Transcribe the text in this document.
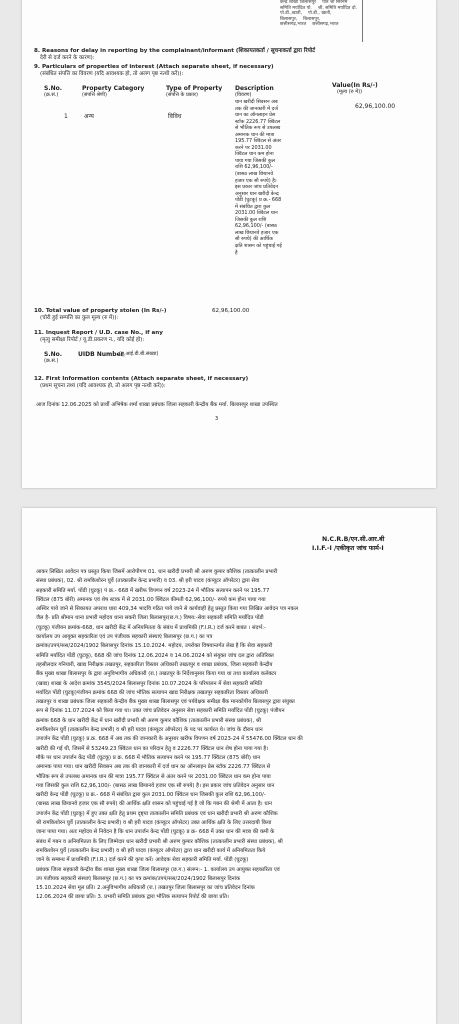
केन्द्र शाखा जिलासपुर पति श्री सिरनेम
समिति मर्यादित पो. श्री, समिति मर्यादित दो.
पो.डी.,खाती, पो.डी., खाती,
बिलासपुर, बिलासपुर,
छत्तीसगढ़,भारत छत्तीसगढ़,भारत
8. Reasons for delay in reporting by the complainant/informant (शिकायतकर्ता / सूचनाकर्ता द्वारा रिपोर्ट
देरी से दर्ज करने के कारण):
9. Particulars of properties of interest (Attach separate sheet, if necessary)
(संबंधित संपत्ति का विवरण (यदि आवश्यक हो, तो अलग पृष्ठ नत्थी करें)):
S.No.
(क्र.सं.)
Property Category
(संपत्ति श्रेणी)
Type of Property
(संपत्ति के प्रकार)
Description
(विवरण)
Value(In Rs/-)
(मूल्य (रु में))
1	अन्य	विविध
62,96,100.00
धान खरीदी सिवसन अब
तक की जानकारी में दर्ज
धान का ऑनलाइन प्रेस
स्टॉक 2226.77 क्विंटल
से भौतिक रूप से उपलब्ध
अमानक धान की मात्रा
195.77 क्विंटल से अंतर
करने पर 2031.00
क्विंटल धान कम होना
पाया गया जिसकी कुल
राशि 62,96,100/-
(बासठ लाख छियानवे
हजार एक सौ रुपये) है।
इस प्रकार जांच प्रतिवेदन
अनुसार धान खरीदी केन्द्र
पोंडी (घुटकू) प्र क्र.- 668
में संबंधित द्वारा कुल
2031.00 क्विंटल धान
जिसकी कुल राशि
62,96,100/- (बासठ
लाख छियानवे हजार एक
सौ रुपये) की आर्थिक
क्षति शासन को पहुंचाई गई
है
10. Total value of property stolen (In Rs/-)
(चोरी हुई सम्पत्ति का कुल मूल्य (रु में)):
62,96,100.00
11. Inquest Report / U.D. case No., if any
(मृत्यु समीक्षा रिपोर्ट / यू.डी.प्रकरण न., यदि कोई हो):
S.No.
(क्र.सं.)
UIDB Number
(यू.आई.डी.बी.संख्या)
12. First Information contents (Attach separate sheet, if necessary)
(प्रथम सूचना तथ्य (यदि आवश्यक हो, तो अलग पृष्ठ नत्थी करें)):
आज दिनांक 12.06.2025 को प्रार्थी अभिषेक शर्मा शाखा प्रबंधक जिला सहकारी केन्द्रीय बैंक मर्या. बिलासपुर शाखा उपस्थित
3
N.C.R.B/एन.सी.आर.बी
I.I.F.-I /एकीकृत जांच फार्म-I
आकर लिखित आवेदन पत्र प्रस्तुत किया जिसमें आरोपीगण 01. धान खरीदी प्रभारी श्री अरुण कुमार कौशिक (तात्कालीन प्रभारी
संस्था प्रबंधक), 02. श्री रामकिशोरन घुर्वे (तात्कालीन केन्द्र प्रभारी) व 03. श्री हरी यादव (कंप्यूटर ऑपरेटर) द्वारा सेवा
सहकारी समिति मर्या. पोंडी (घुटकू) पं क्र.- 668 में खरीफ विपणन वर्ष 2023-24 में भौतिक सत्यापन करने पर 195.77
क्विंटल (875 बोरी) अमानक एवं शेष स्टाक में से 2031.00 क्विंटल कीमती 62,96,100/- रुपये कम होना पाया गया
अस्थिर पाये जाने से सिकायत अपराध धारा 409,34 भादवि गठित पाये जाने से कार्यवाही हेतु प्रस्तुत किया गया लिखित आवेदन पत्र नकल
जैल है- प्रति श्रीमान थाना प्रभारी महोदय थाना सकरी जिला बिलासपुर(छ.ग.) विषय:-सेवा सहकारी समिति मर्यादित पोंडी
(घुटकू) पंजीयन क्रमांक-668, धान खरीदी केंद्र में अनियमितता के संबंध में प्राथमिकी (F.I.R.) दर्ज करने बाबत । संदर्भ:-
कार्यालय उप आयुक्त सहकारिता एवं उप पंजीयक सहकारी संस्थाएं बिलासपुर (छ.ग.) का पत्र
क्रमांक/उपपं/सस/2024/1902 बिलासपुर दिनांक 15.10.2024. महोदय, उपरोक्त विषयान्तर्गत लेख है कि सेवा सहकारी
समिति मर्यादित पोंडी (घुटकू), 668 की जांच दिनांक 12.06.2024 व 14.06.2024 को संयुक्त जांच दल द्वारा अतिरिक्त
तहसीलदार गनियारी, खाद्य निरीक्षक तखतपुर, सहकारिता विस्तार अधिकारी तखतपुर व शाखा प्रबंधक, जिला सहकारी केन्द्रीय
बैंक मुख्य शाखा बिलासपुर के द्वारा अनुविभागीय अधिकारी (रा.) तखतपुर के निर्देशानुसार किया गया था तथा कार्यालय कलेक्टर
(खाद्य) शाखा के आदेश क्रमांक 3545/2024 बिलासपुर दिनांक 10.07.2024 के परिपालन में सेवा सहकारी समिति
मर्यादित पोंडी (घुटकू)पंजीयन क्रमांक 668 की जांच भौतिक सत्यापन खाद्य निरीक्षक तखतपुर सहकारिता विस्तार अधिकारी
तखतपुर व शाखा प्रबंधक जिला सहकारी केन्द्रीय बैंक मुख्य शाखा बिलासपुर एवं पर्यवेक्षक समीक्षा बैंक मानकोपीय बिलासपुर द्वारा संयुक्त
रूप से दिनांक 11.07.2024 को किया गया था। उक्त जांच प्रतिवेदन अनुसार सेवा सहकारी समिति मर्यादित पोंडी (घुटकू) पंजीयन
क्रमांक 668 के धान खरीदी केंद्र में धान खरीदी प्रभारी श्री अरुण कुमार कौशिक (तात्कालीन प्रभारी संस्था प्रबंधक), श्री
रामकिशोरन घुर्वे (तात्कालीन केन्द्र प्रभारी) व श्री हरी यादव (कंप्यूटर ऑपरेटर) के पद पर कार्यरत थे। जांच के दौरान धान
उपार्जन केंद्र पोंडी (घुटकू) प्र.क्र. 668 में अब तक की जानकारी के अनुसार खरीफ विपणन वर्ष 2023-24 में 55476.00 क्विंटल धान की
खरीदी की गई थी, जिसमें से 53249.23 क्विंटल धान का परिदान हेतु व 2226.77 क्विंटल धान शेष होना पाया गया है।
मौके पर धान उपार्जन केंद्र पोंडी (घुटकू) प्र क्र. 668 में भौतिक सत्यापन करने पर 195.77 क्विंटल (875 बोरी) धान
अमानक पाया गया। धान खरीदी सिवसन अब तक की जानकारी में दर्ज धान का ऑनलाइन प्रेस स्टॉक 2226.77 क्विंटल से
भौतिक रूप से उपलब्ध अमानक धान की मात्रा 195.77 क्विंटल से अंतर करने पर 2031.00 क्विंटल धान कम होना पाया
गया जिसकी कुल राशि 62,96,100/- (बासठ लाख छियानवे हजार एक सौ रुपये) है। इस प्रकार जांच प्रतिवेदन अनुसार धान
खरीदी केन्द्र पोंडी (घुटकू) प्र क्र.- 668 में संबंधित द्वारा कुल 2031.00 क्विंटल धान जिसकी कुल राशि 62,96,100/-
(बासठ लाख छियानवे हजार एक सौ रुपये) की आर्थिक क्षति शासन को पहुंचाई गई है जो कि गबन की श्रेणी में आता है। धान
उपार्जन केंद्र पोंडी (घुटकू) में हुए उक्त क्षति हेतु प्रथम दृष्ट्या तात्कालीन समिति प्रबंधक एवं धान खरीदी प्रभारी श्री अरुण कौशिक
श्री रामकिशोरन घुर्वे (तात्कालीन केन्द्र प्रभारी) व श्री हरी यादव (कंप्यूटर ऑपरेटर) उक्त आर्थिक क्षति के लिए उत्तरदायी किया
जाना पाया गया। अतः महोदय से निवेदन है कि धान उपार्जन केन्द्र पोंडी (घुटकू) प्र क्र- 668 में उक्त धान की मात्रा की कमी के
संबंध में गबन व अनियमितता के लिए जिम्मेदार धान खरीदी प्रभारी श्री अरुण कुमार कौशिक (तात्कालीन प्रभारी संस्था प्रबंधक), श्री
रामकिशोरन घुर्वे (तात्कालीन केन्द्र प्रभारी) व श्री हरी यादव (कंप्यूटर ऑपरेटर) द्वारा धान खरीदी कार्य में अनियमितता किये
जाने के सम्बन्ध में प्राथमिकी (F.I.R.) दर्ज करने की कृपा करें। आवेदक सेवा सहकारी समिति मर्या. पोंडी (घुटकू)
प्रबंधक जिला सहकारी केन्द्रीय बैंक शाखा मुख्य शाखा जिला बिलासपुर (छ.ग.) संलग्न:- 1. कार्यालय उप आयुक्त सहकारिता एवं
उप पंजीयक सहकारी संस्थाएं बिलासपुर (छ.ग.) का पत्र क्रमांक/उपपं/सस/2024/1902 बिलासपुर दिनांक
15.10.2024 सेवा मूल प्रति। 2.अनुविभागीय अधिकारी (रा.) तखतपुर जिला बिलासपुर का जांच प्रतिवेदन दिनांक
12.06.2024 की छाया प्रति। 3. प्रभारी समिति प्रबंधक द्वारा भौतिक सत्यापन रिपोर्ट की छाया प्रति।
